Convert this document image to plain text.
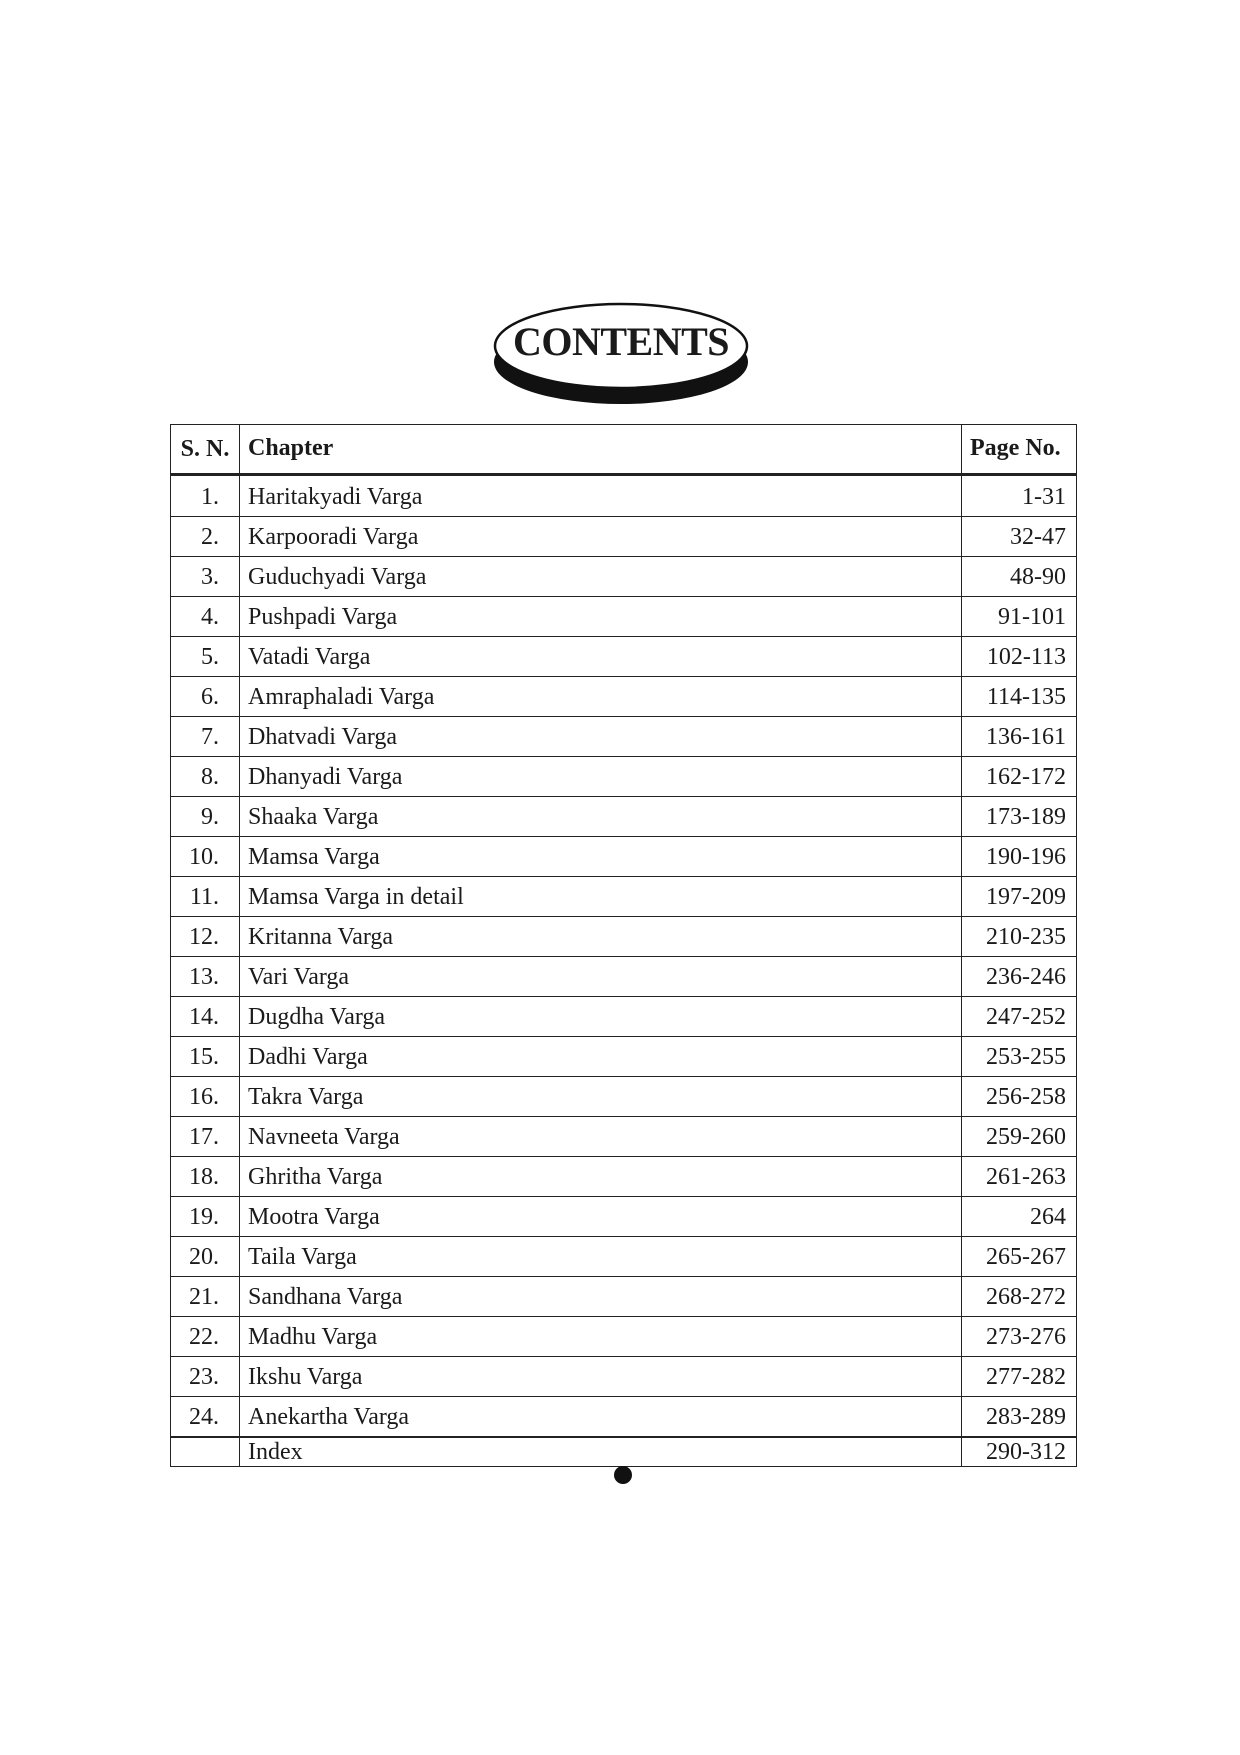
CONTENTS
S. N.	Chapter	Page No.
1.	Haritakyadi Varga	1-31
2.	Karpooradi Varga	32-47
3.	Guduchyadi Varga	48-90
4.	Pushpadi Varga	91-101
5.	Vatadi Varga	102-113
6.	Amraphaladi Varga	114-135
7.	Dhatvadi Varga	136-161
8.	Dhanyadi Varga	162-172
9.	Shaaka Varga	173-189
10.	Mamsa Varga	190-196
11.	Mamsa Varga in detail	197-209
12.	Kritanna Varga	210-235
13.	Vari Varga	236-246
14.	Dugdha Varga	247-252
15.	Dadhi Varga	253-255
16.	Takra Varga	256-258
17.	Navneeta Varga	259-260
18.	Ghritha Varga	261-263
19.	Mootra Varga	264
20.	Taila Varga	265-267
21.	Sandhana Varga	268-272
22.	Madhu Varga	273-276
23.	Ikshu Varga	277-282
24.	Anekartha Varga	283-289
	Index	290-312
